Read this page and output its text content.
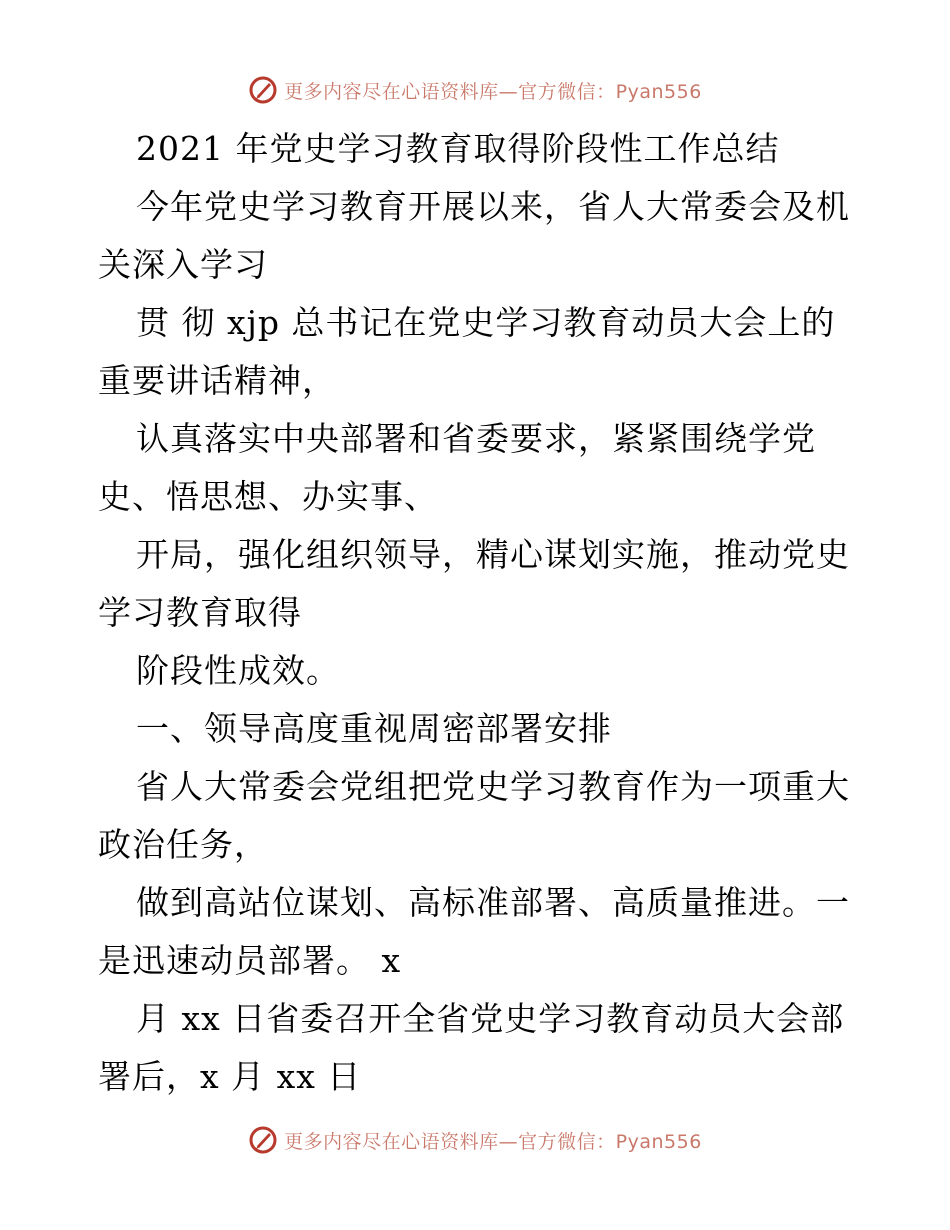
更多内容尽在心语资料库—官方微信：Pyan556
2021 年党史学习教育取得阶段性工作总结
今年党史学习教育开展以来，省人大常委会及机
关深入学习
贯 彻 xjp 总书记在党史学习教育动员大会上的
重要讲话精神，
认真落实中央部署和省委要求，紧紧围绕学党
史、悟思想、办实事、
开局，强化组织领导，精心谋划实施，推动党史
学习教育取得
阶段性成效。
一、领导高度重视周密部署安排
省人大常委会党组把党史学习教育作为一项重大
政治任务，
做到高站位谋划、高标准部署、高质量推进。一
是迅速动员部署。 x
月 xx 日省委召开全省党史学习教育动员大会部
署后，x 月 xx 日
更多内容尽在心语资料库—官方微信：Pyan556
